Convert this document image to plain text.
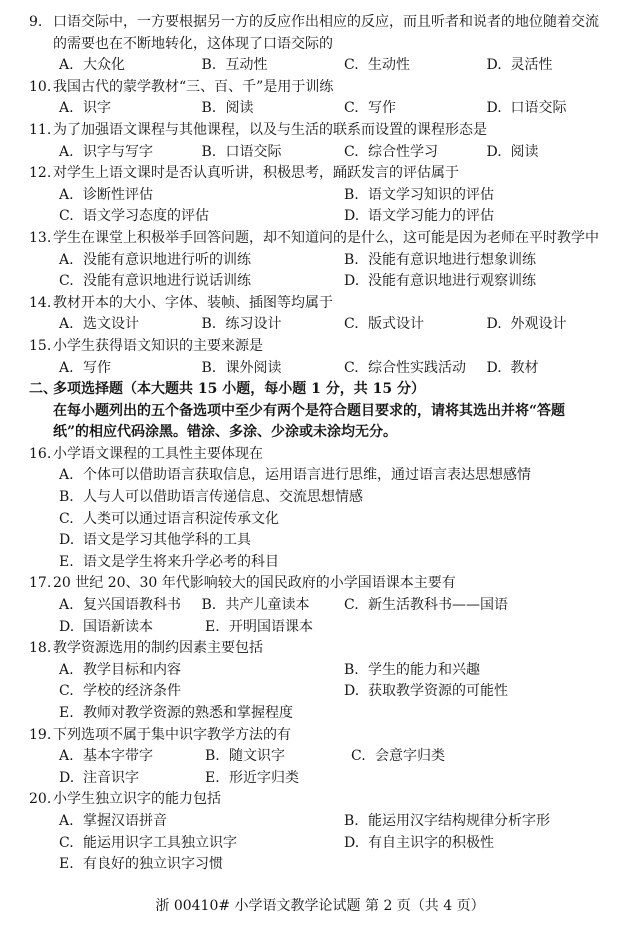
9. 口语交际中，一方要根据另一方的反应作出相应的反应，而且听者和说者的地位随着交流
的需要也在不断地转化，这体现了口语交际的
A. 大众化	B. 互动性	C. 生动性	D. 灵活性
10. 我国古代的蒙学教材“三、百、千”是用于训练
A. 识字	B. 阅读	C. 写作	D. 口语交际
11. 为了加强语文课程与其他课程，以及与生活的联系而设置的课程形态是
A. 识字与写字	B. 口语交际	C. 综合性学习	D. 阅读
12. 对学生上语文课时是否认真听讲，积极思考，踊跃发言的评估属于
A. 诊断性评估	B. 语文学习知识的评估
C. 语文学习态度的评估	D. 语文学习能力的评估
13. 学生在课堂上积极举手回答问题，却不知道问的是什么，这可能是因为老师在平时教学中
A. 没能有意识地进行听的训练	B. 没能有意识地进行想象训练
C. 没能有意识地进行说话训练	D. 没能有意识地进行观察训练
14. 教材开本的大小、字体、装帧、插图等均属于
A. 选文设计	B. 练习设计	C. 版式设计	D. 外观设计
15. 小学生获得语文知识的主要来源是
A. 写作	B. 课外阅读	C. 综合性实践活动	D. 教材
二、
多项选择题（本大题共 15 小题，每小题 1 分，共 15 分）
在每小题列出的五个备选项中至少有两个是符合题目要求的，请将其选出并将“答题
纸”的相应代码涂黑。错涂、多涂、少涂或未涂均无分。
16. 小学语文课程的工具性主要体现在
A. 个体可以借助语言获取信息，运用语言进行思维，通过语言表达思想感情
B. 人与人可以借助语言传递信息、交流思想情感
C. 人类可以通过语言积淀传承文化
D. 语文是学习其他学科的工具
E. 语文是学生将来升学必考的科目
17. 20 世纪 20、30 年代影响较大的国民政府的小学国语课本主要有
A. 复兴国语教科书	B. 共产儿童读本	C. 新生活教科书——国语
D. 国语新读本	E. 开明国语课本
18. 教学资源选用的制约因素主要包括
A. 教学目标和内容	B. 学生的能力和兴趣
C. 学校的经济条件	D. 获取教学资源的可能性
E. 教师对教学资源的熟悉和掌握程度
19. 下列选项不属于集中识字教学方法的有
A. 基本字带字	B. 随文识字	C. 会意字归类
D. 注音识字	E. 形近字归类
20. 小学生独立识字的能力包括
A. 掌握汉语拼音	B. 能运用汉字结构规律分析字形
C. 能运用识字工具独立识字	D. 有自主识字的积极性
E. 有良好的独立识字习惯
浙 00410# 小学语文教学论试题 第 2 页（共 4 页）
